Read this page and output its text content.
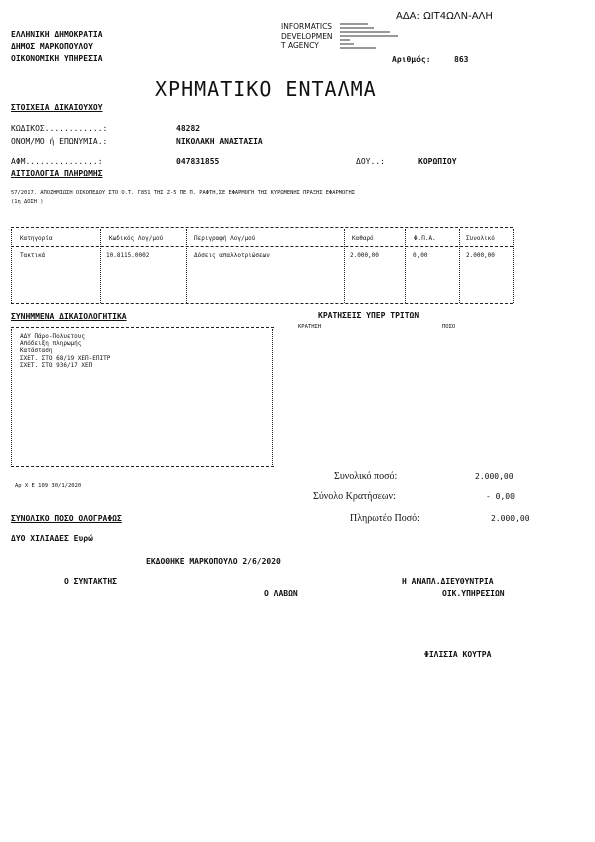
ΑΔΑ: ΩΙΤ4ΩΛΝ-ΑΛΗ
ΕΛΛΗΝΙΚΗ ΔΗΜΟΚΡΑΤΙΑ
ΔΗΜΟΣ ΜΑΡΚΟΠΟΥΛΟΥ
ΟΙΚΟΝΟΜΙΚΗ ΥΠΗΡΕΣΙΑ
INFORMATICS
DEVELOPMEN
T AGENCY
Αριθμός:	863
ΧΡΗΜΑΤΙΚΟ ΕΝΤΑΛΜΑ
ΣΤΟΙΧΕΙΑ ΔΙΚΑΙΟΥΧΟΥ
ΚΩΔΙΚΟΣ............:	48282
ΟΝΟΜ/ΜΟ ή ΕΠΩΝΥΜΙΑ.:	ΝΙΚΟΛΑΚΗ ΑΝΑΣΤΑΣΙΑ
ΑΦΜ...............:	047831855	ΔΟΥ..:	ΚΟΡΩΠΙΟΥ
ΑΙΤΙΟΛΟΓΙΑ ΠΛΗΡΩΜΗΣ
57/2017. ΑΠΟΖΗΜΙΩΣΗ ΟΙΚΟΠΕΔΟΥ ΣΤΟ Ο.Τ. Γ851 ΤΗΣ Ζ-5 ΠΕ Π. ΡΑΦΤΗ,ΣΕ ΕΦΑΡΜΟΓΗ ΤΗΣ ΚΥΡΩΜΕΝΗΣ ΠΡΑΞΗΣ ΕΦΑΡΜΟΓΗΣ
(1η ΔΟΣΗ )
Κατηγορία	Κωδικός Λογ/μού	Περιγραφή Λογ/μού	Καθαρό	Φ.Π.Α.	Συνολικό
Τακτικά	10.8115.0002	Δόσεις απαλλοτριώσεων	2.000,00	0,00	2.000,00
ΣΥΝΗΜΜΕΝΑ ΔΙΚΑΙΟΛΟΓΗΤΙΚΑ
ΑΔΥ Πάρο-Πολυετους
Απόδειξη πληρωμής
Κατάσταση
ΣΧΕΤ. ΣΤΟ 68/19 ΧΕΠ-ΕΠΙΤΡ
ΣΧΕΤ. ΣΤΟ 936/17 ΧΕΠ
ΚΡΑΤΗΣΕΙΣ ΥΠΕΡ ΤΡΙΤΩΝ
ΚΡΑΤΗΣΗ	ΠΟΣΟ
Συνολικό ποσό:	2.000,00
Σύνολο Κρατήσεων:	- 0,00
Πληρωτέο Ποσό:	2.000,00
Αρ Χ Ε 109 30/1/2020
ΣΥΝΟΛΙΚΟ ΠΟΣΟ ΟΛΟΓΡΑΦΩΣ
ΔΥΟ ΧΙΛΙΑΔΕΣ Ευρώ
ΕΚΔΟΘΗΚΕ ΜΑΡΚΟΠΟΥΛΟ 2/6/2020
Ο ΣΥΝΤΑΚΤΗΣ
Ο ΛΑΒΩΝ
Η ΑΝΑΠΛ.ΔΙΕΥΘΥΝΤΡΙΑ
ΟΙΚ.ΥΠΗΡΕΣΙΩΝ
ΦΙΛΙΣΙΑ ΚΟΥΤΡΑ
